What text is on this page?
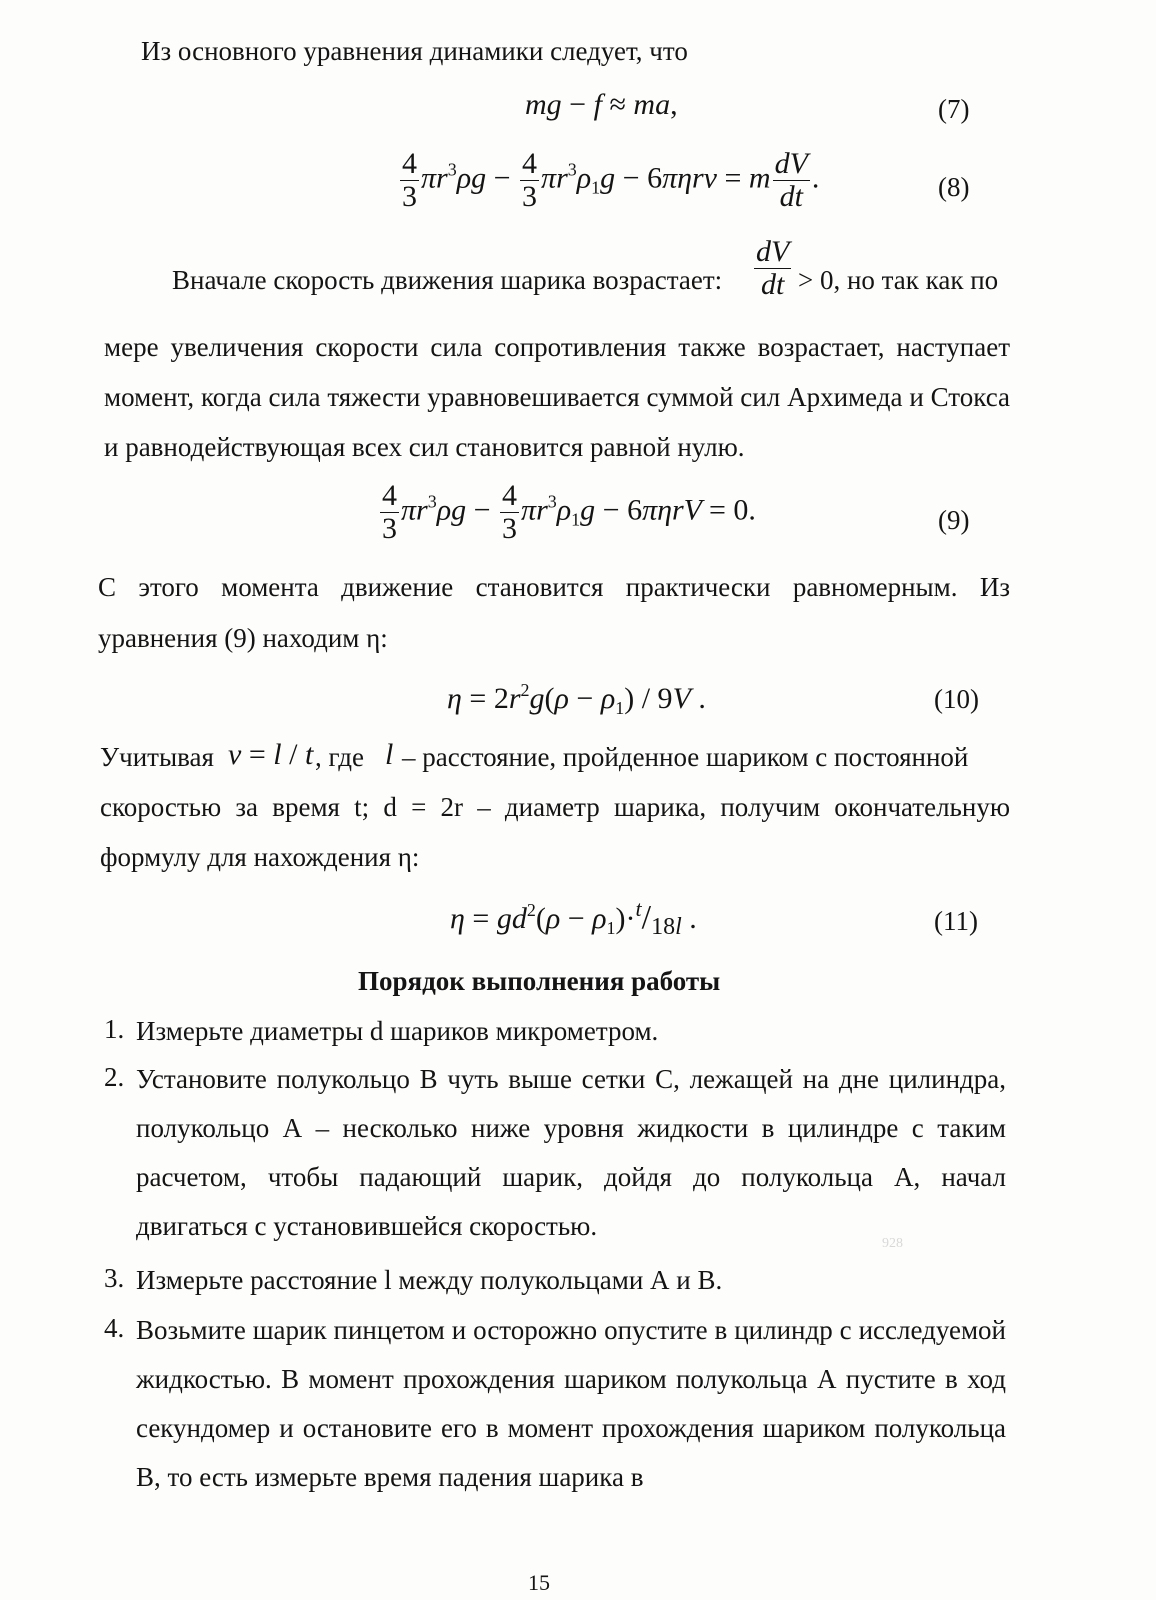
Из основного уравнения динамики следует, что
mg − f ≈ ma,	(7)
$\frac{4}{3} \pi r^3\rho g - \frac{4}{3} \pi r^3\rho_1g - 6\pi\eta rv = m \frac{dV}{dt}$ .	(8)
Вначале скорость движения шарика возрастает: $\frac{dV}{dt} > 0$, но так как по
мере увеличения скорости сила сопротивления также возрастает, наступает момент, когда сила тяжести уравновешивается суммой сил Архимеда и Стокса и равнодействующая всех сил становится равной нулю.
$\frac{4}{3} \pi r^3\rho g - \frac{4}{3} \pi r^3\rho_1g - 6\pi\eta rV = 0$.	(9)
С этого момента движение становится практически равномерным. Из
уравнения (9) находим η:
$\eta = 2r^2g(\rho - \rho_1) / 9V$ .	(10)
Учитывая v = l / t , где l – расстояние, пройденное шариком с постоянной
скоростью за время t; d = 2r – диаметр шарика, получим окончательную
формулу для нахождения η:
$\eta = gd^2(\rho - \rho_1)\cdot^t/_{18l}$ .	(11)
Порядок выполнения работы
1. Измерьте диаметры d шариков микрометром.
2. Установите полукольцо В чуть выше сетки С, лежащей на дне цилиндра, полукольцо А – несколько ниже уровня жидкости в цилиндре с таким расчетом, чтобы падающий шарик, дойдя до полукольца А, начал двигаться с установившейся скоростью.
3. Измерьте расстояние l между полукольцами А и В.
4. Возьмите шарик пинцетом и осторожно опустите в цилиндр с исследуемой жидкостью. В момент прохождения шариком полукольца А пустите в ход секундомер и остановите его в момент прохождения шариком полукольца В, то есть измерьте время падения шарика в
928
15
